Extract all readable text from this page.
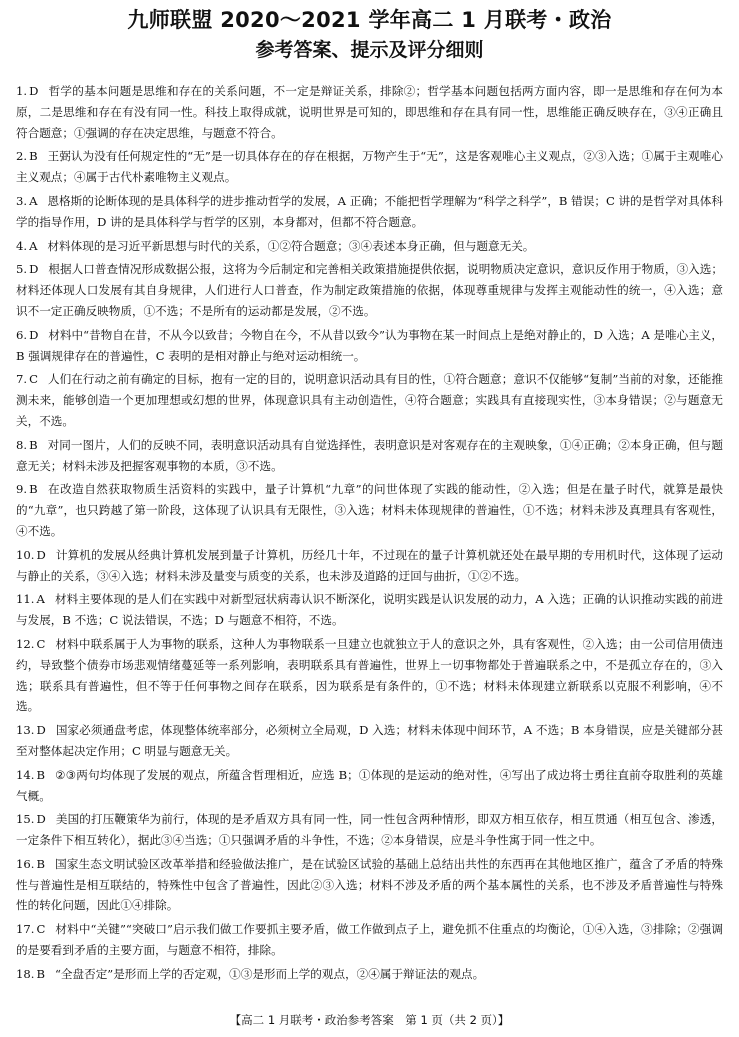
九师联盟 2020～2021 学年高二 1 月联考・政治
参考答案、提示及评分细则

1. D 哲学的基本问题是思维和存在的关系问题，不一定是辩证关系，排除②；哲学基本问题包括两方面内容，即一是思维和存在何为本原，二是思维和存在有没有同一性。科技上取得成就，说明世界是可知的，即思维和存在具有同一性，思维能正确反映存在，③④正确且符合题意；①强调的存在决定思维，与题意不符合。

2. B 王弼认为没有任何规定性的“无”是一切具体存在的存在根据，万物产生于“无”，这是客观唯心主义观点，②③入选；①属于主观唯心主义观点；④属于古代朴素唯物主义观点。

3. A 恩格斯的论断体现的是具体科学的进步推动哲学的发展，A 正确；不能把哲学理解为“科学之科学”，B 错误；C 讲的是哲学对具体科学的指导作用，D 讲的是具体科学与哲学的区别，本身都对，但都不符合题意。

4. A 材料体现的是习近平新思想与时代的关系，①②符合题意；③④表述本身正确，但与题意无关。

5. D 根据人口普查情况形成数据公报，这将为今后制定和完善相关政策措施提供依据，说明物质决定意识，意识反作用于物质，③入选；材料还体现人口发展有其自身规律，人们进行人口普查，作为制定政策措施的依据，体现尊重规律与发挥主观能动性的统一，④入选；意识不一定正确反映物质，①不选；不是所有的运动都是发展，②不选。

6. D 材料中“昔物自在昔，不从今以致昔；今物自在今，不从昔以致今”认为事物在某一时间点上是绝对静止的，D 入选；A 是唯心主义，B 强调规律存在的普遍性，C 表明的是相对静止与绝对运动相统一。

7. C 人们在行动之前有确定的目标，抱有一定的目的，说明意识活动具有目的性，①符合题意；意识不仅能够“复制”当前的对象，还能推测未来，能够创造一个更加理想或幻想的世界，体现意识具有主动创造性，④符合题意；实践具有直接现实性，③本身错误；②与题意无关，不选。

8. B 对同一图片，人们的反映不同，表明意识活动具有自觉选择性，表明意识是对客观存在的主观映象，①④正确；②本身正确，但与题意无关；材料未涉及把握客观事物的本质，③不选。

9. B 在改造自然获取物质生活资料的实践中，量子计算机“九章”的问世体现了实践的能动性，②入选；但是在量子时代，就算是最快的“九章”，也只跨越了第一阶段，这体现了认识具有无限性，③入选；材料未体现规律的普遍性，①不选；材料未涉及真理具有客观性，④不选。

10. D 计算机的发展从经典计算机发展到量子计算机，历经几十年，不过现在的量子计算机就还处在最早期的专用机时代，这体现了运动与静止的关系，③④入选；材料未涉及量变与质变的关系，也未涉及道路的迂回与曲折，①②不选。

11. A 材料主要体现的是人们在实践中对新型冠状病毒认识不断深化，说明实践是认识发展的动力，A 入选；正确的认识推动实践的前进与发展，B 不选；C 说法错误，不选；D 与题意不相符，不选。

12. C 材料中联系属于人为事物的联系，这种人为事物联系一旦建立也就独立于人的意识之外，具有客观性，②入选；由一公司信用债违约，导致整个债券市场悲观情绪蔓延等一系列影响，表明联系具有普遍性，世界上一切事物都处于普遍联系之中，不是孤立存在的，③入选；联系具有普遍性，但不等于任何事物之间存在联系，因为联系是有条件的，①不选；材料未体现建立新联系以克服不利影响，④不选。

13. D 国家必须通盘考虑，体现整体统率部分，必须树立全局观，D 入选；材料未体现中间环节，A 不选；B 本身错误，应是关键部分甚至对整体起决定作用；C 明显与题意无关。

14. B ②③两句均体现了发展的观点，所蕴含哲理相近，应选 B；①体现的是运动的绝对性，④写出了成边将士勇往直前夺取胜利的英雄气概。

15. D 美国的打压鞭策华为前行，体现的是矛盾双方具有同一性，同一性包含两种情形，即双方相互依存，相互贯通（相互包含、渗透，一定条件下相互转化），据此③④当选；①只强调矛盾的斗争性，不选；②本身错误，应是斗争性寓于同一性之中。

16. B 国家生态文明试验区改革举措和经验做法推广，是在试验区试验的基础上总结出共性的东西再在其他地区推广，蕴含了矛盾的特殊性与普遍性是相互联结的，特殊性中包含了普遍性，因此②③入选；材料不涉及矛盾的两个基本属性的关系，也不涉及矛盾普遍性与特殊性的转化问题，因此①④排除。

17. C 材料中“关键”“突破口”启示我们做工作要抓主要矛盾，做工作做到点子上，避免抓不住重点的均衡论，①④入选，③排除；②强调的是要看到矛盾的主要方面，与题意不相符，排除。

18. B “全盘否定”是形而上学的否定观，①③是形而上学的观点，②④属于辩证法的观点。

【高二 1 月联考・政治参考答案　第 1 页（共 2 页）】
